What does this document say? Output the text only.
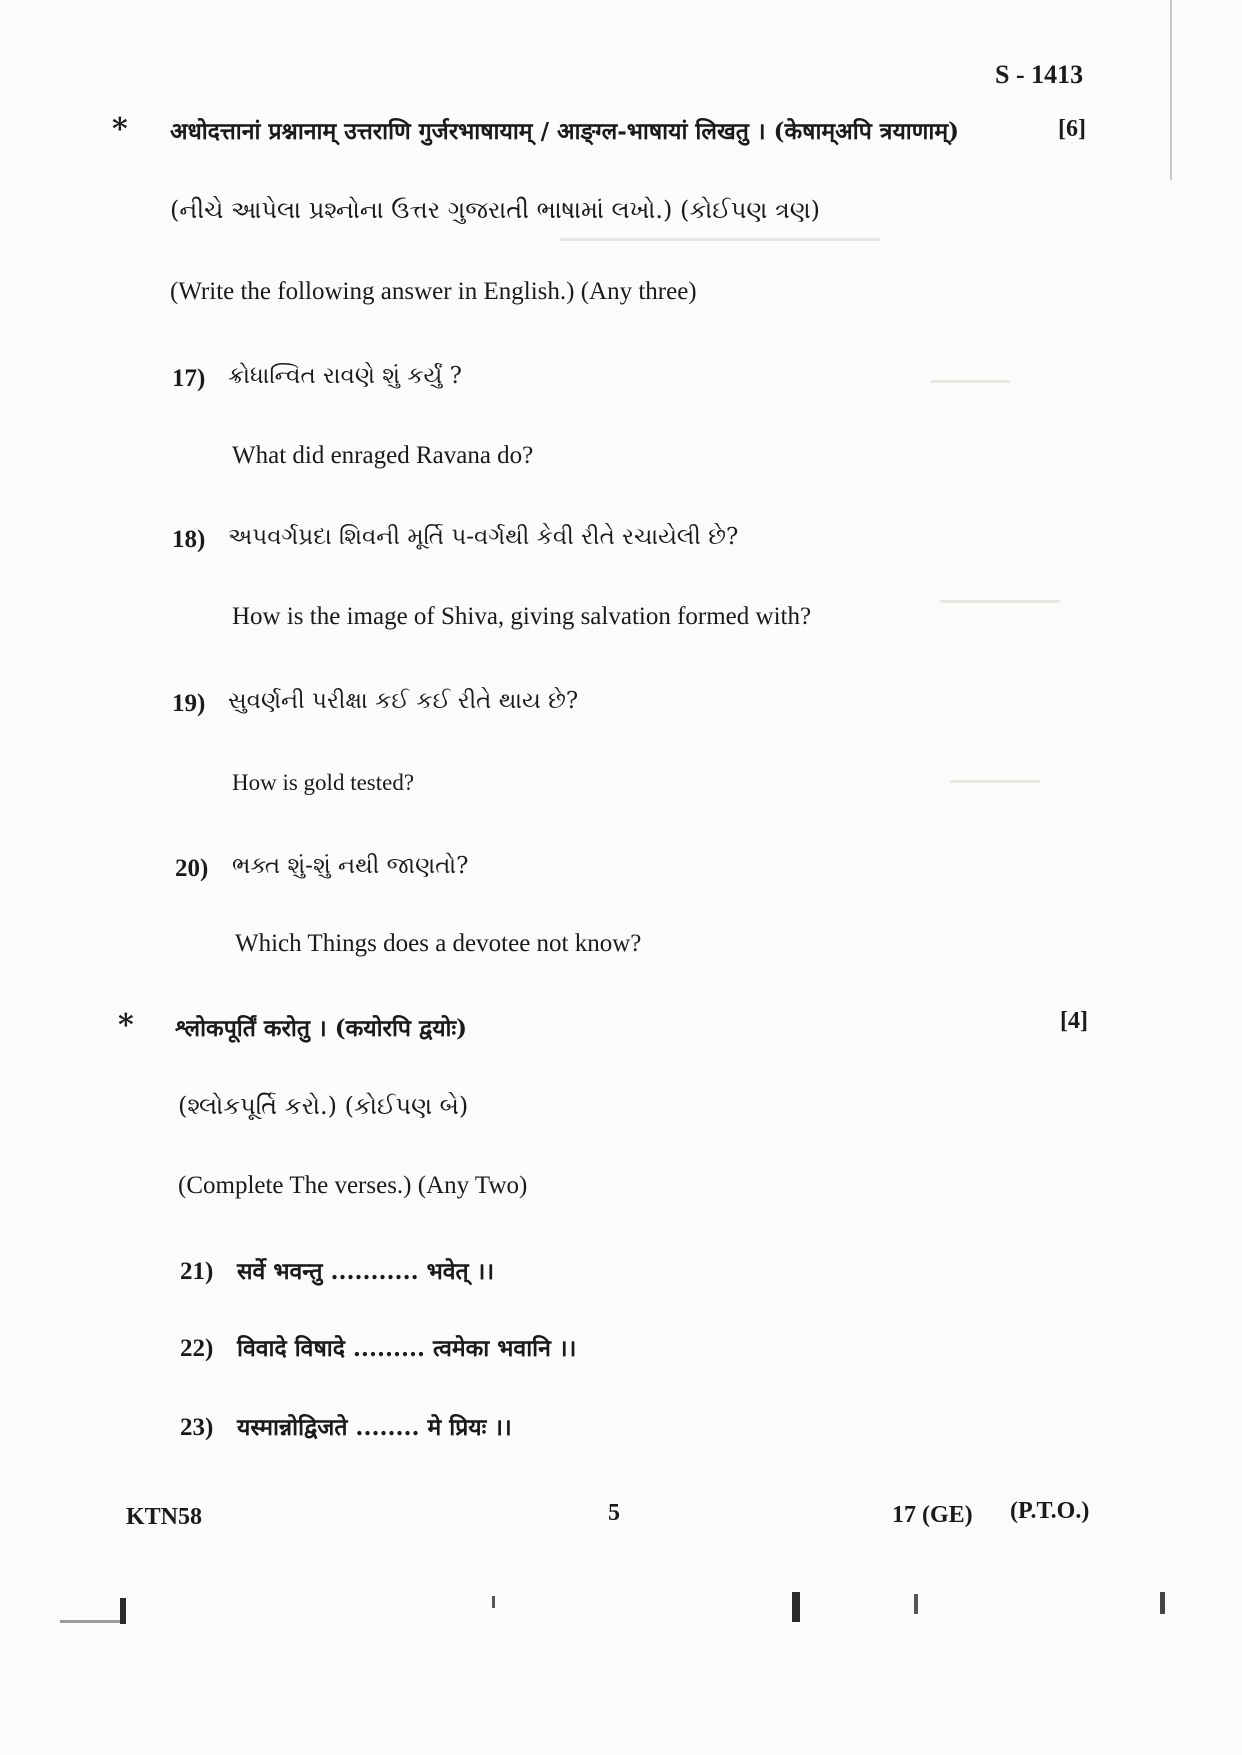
S - 1413
* अधोदत्तानां प्रश्नानाम् उत्तराणि गुर्जरभाषायाम् / आङ्ग्ल-भाषायां लिखतु । (केषाम्अपि त्रयाणाम्)	[6]
(નીચે આપેલા પ્રશ્નોના ઉત્તર ગુજરાતી ભાષામાં લખો.) (કોઈપણ ત્રણ)
(Write the following answer in English.) (Any three)
17) ક્રોધાન્વિત રાવણે શું કર્યું ?
What did enraged Ravana do?
18) અપવર્ગપ્રદા શિવની મૂર્તિ પ-વર્ગથી કેવી રીતે રચાયેલી છે?
How is the image of Shiva, giving salvation formed with?
19) સુવર્ણની પરીક્ષા કઈ કઈ રીતે થાય છે?
How is gold tested?
20) ભક્ત શું-શું નથી જાણતો?
Which Things does a devotee not know?
* श्लोकपूर्तिं करोतु । (कयोरपि द्वयोः)	[4]
(શ્લોકપૂર્તિ કરો.) (કોઈપણ બે)
(Complete The verses.) (Any Two)
21) सर्वे भवन्तु ........... भवेत् ।।
22) विवादे विषादे ......... त्वमेका भवानि ।।
23) यस्मान्नोद्विजते ........ मे प्रियः ।।
KTN58	5	17 (GE) (P.T.O.)
